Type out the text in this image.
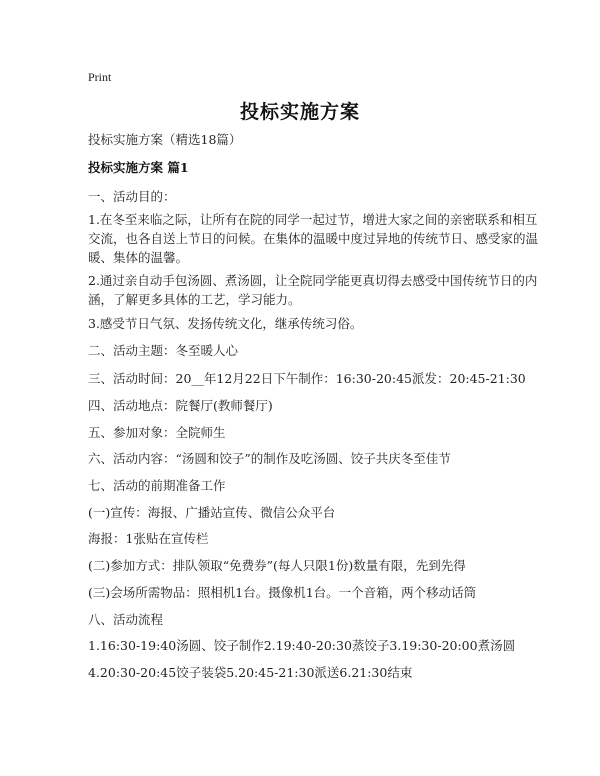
Print
投标实施方案
投标实施方案（精选18篇）
投标实施方案 篇1
一、活动目的：
1.在冬至来临之际，让所有在院的同学一起过节，增进大家之间的亲密联系和相互
交流，也各自送上节日的问候。在集体的温暖中度过异地的传统节日、感受家的温
暖、集体的温馨。
2.通过亲自动手包汤圆、煮汤圆，让全院同学能更真切得去感受中国传统节日的内
涵，了解更多具体的工艺，学习能力。
3.感受节日气氛、发扬传统文化，继承传统习俗。
二、活动主题：冬至暖人心
三、活动时间：20__年12月22日下午制作：16:30-20:45派发：20:45-21:30
四、活动地点：院餐厅(教师餐厅)
五、参加对象：全院师生
六、活动内容：“汤圆和饺子”的制作及吃汤圆、饺子共庆冬至佳节
七、活动的前期准备工作
(一)宣传：海报、广播站宣传、微信公众平台
海报：1张贴在宣传栏
(二)参加方式：排队领取“免费券”(每人只限1份)数量有限，先到先得
(三)会场所需物品：照相机1台。摄像机1台。一个音箱，两个移动话筒
八、活动流程
1.16:30-19:40汤圆、饺子制作2.19:40-20:30蒸饺子3.19:30-20:00煮汤圆
4.20:30-20:45饺子装袋5.20:45-21:30派送6.21:30结束
